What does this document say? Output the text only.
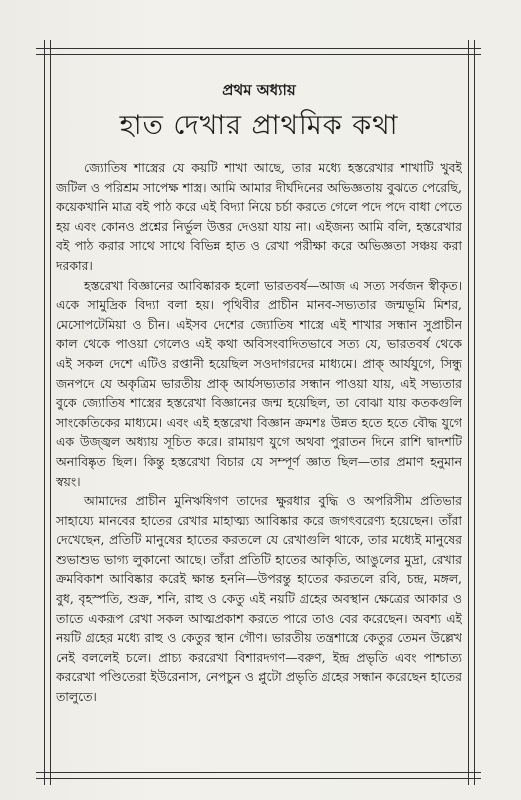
প্রথম অধ্যায়
হাত দেখার প্রাথমিক কথা

জ্যোতিষ শাস্ত্রের যে কয়টি শাখা আছে, তার মধ্যে হস্তরেখার শাখাটি খুবই জটিল ও পরিশ্রম সাপেক্ষ শাস্ত্র। আমি আমার দীর্ঘদিনের অভিজ্ঞতায় বুঝতে পেরেছি, কয়েকখানি মাত্র বই পাঠ করে এই বিদ্যা নিয়ে চর্চা করতে গেলে পদে পদে বাধা পেতে হয় এবং কোনও প্রশ্নের নির্ভুল উত্তর দেওয়া যায় না। এইজন্য আমি বলি, হস্তরেখার বই পাঠ করার সাথে সাথে বিভিন্ন হাত ও রেখা পরীক্ষা করে অভিজ্ঞতা সঞ্চয় করা দরকার।

হস্তরেখা বিজ্ঞানের আবিষ্কারক হলো ভারতবর্ষ—আজ এ সত্য সর্বজন স্বীকৃত। একে সামুদ্রিক বিদ্যা বলা হয়। পৃথিবীর প্রাচীন মানব-সভ্যতার জন্মভূমি মিশর, মেসোপটেমিয়া ও চীন। এইসব দেশের জ্যোতিষ শাস্ত্রে এই শাখার সন্ধান সুপ্রাচীন কাল থেকে পাওয়া গেলেও এই কথা অবিসংবাদিতভাবে সত্য যে, ভারতবর্ষ থেকে এই সকল দেশে এটিও রপ্তানী হয়েছিল সওদাগরদের মাধ্যমে। প্রাক্ আর্যযুগে, সিন্ধু জনপদে যে অকৃত্রিম ভারতীয় প্রাক্ আর্যসভ্যতার সন্ধান পাওয়া যায়, এই সভ্যতার বুকে জ্যোতিষ শাস্ত্রের হস্তরেখা বিজ্ঞানের জন্ম হয়েছিল, তা বোঝা যায় কতকগুলি সাংকেতিকের মাধ্যমে। এবং এই হস্তরেখা বিজ্ঞান ক্রমশঃ উন্নত হতে হতে বৌদ্ধ যুগে এক উজ্জ্বল অধ্যায় সূচিত করে। রামায়ণ যুগে অথবা পুরাতন দিনে রাশি দ্বাদশটি অনাবিষ্কৃত ছিল। কিন্তু হস্তরেখা বিচার যে সম্পূর্ণ জ্ঞাত ছিল—তার প্রমাণ হনুমান স্বয়ং।

আমাদের প্রাচীন মুনিঋষিগণ তাদের ক্ষুরধার বুদ্ধি ও অপরিসীম প্রতিভার সাহায্যে মানবের হাতের রেখার মাহাত্ম্য আবিষ্কার করে জগৎবরেণ্য হয়েছেন। তাঁরা দেখেছেন, প্রতিটি মানুষের হাতের করতলে যে রেখাগুলি থাকে, তার মধ্যেই মানুষের শুভাশুভ ভাগ্য লুকানো আছে। তাঁরা প্রতিটি হাতের আকৃতি, আঙুলের মুদ্রা, রেখার ক্রমবিকাশ আবিষ্কার করেই ক্ষান্ত হননি—উপরন্তু হাতের করতলে রবি, চন্দ্র, মঙ্গল, বুধ, বৃহস্পতি, শুক্র, শনি, রাহু ও কেতু এই নয়টি গ্রহের অবস্থান ক্ষেত্রের আকার ও তাতে একরূপ রেখা সকল আত্মপ্রকাশ করতে পারে তাও বের করেছেন। অবশ্য এই নয়টি গ্রহের মধ্যে রাহু ও কেতুর স্থান গৌণ। ভারতীয় তন্ত্রশাস্ত্রে কেতুর তেমন উল্লেখ নেই বললেই চলে। প্রাচ্য কররেখা বিশারদগণ—বরুণ, ইন্দ্র প্রভৃতি এবং পাশ্চাত্য কররেখা পণ্ডিতেরা ইউরেনাস, নেপচুন ও প্লুটো প্রভৃতি গ্রহের সন্ধান করেছেন হাতের তালুতে।
